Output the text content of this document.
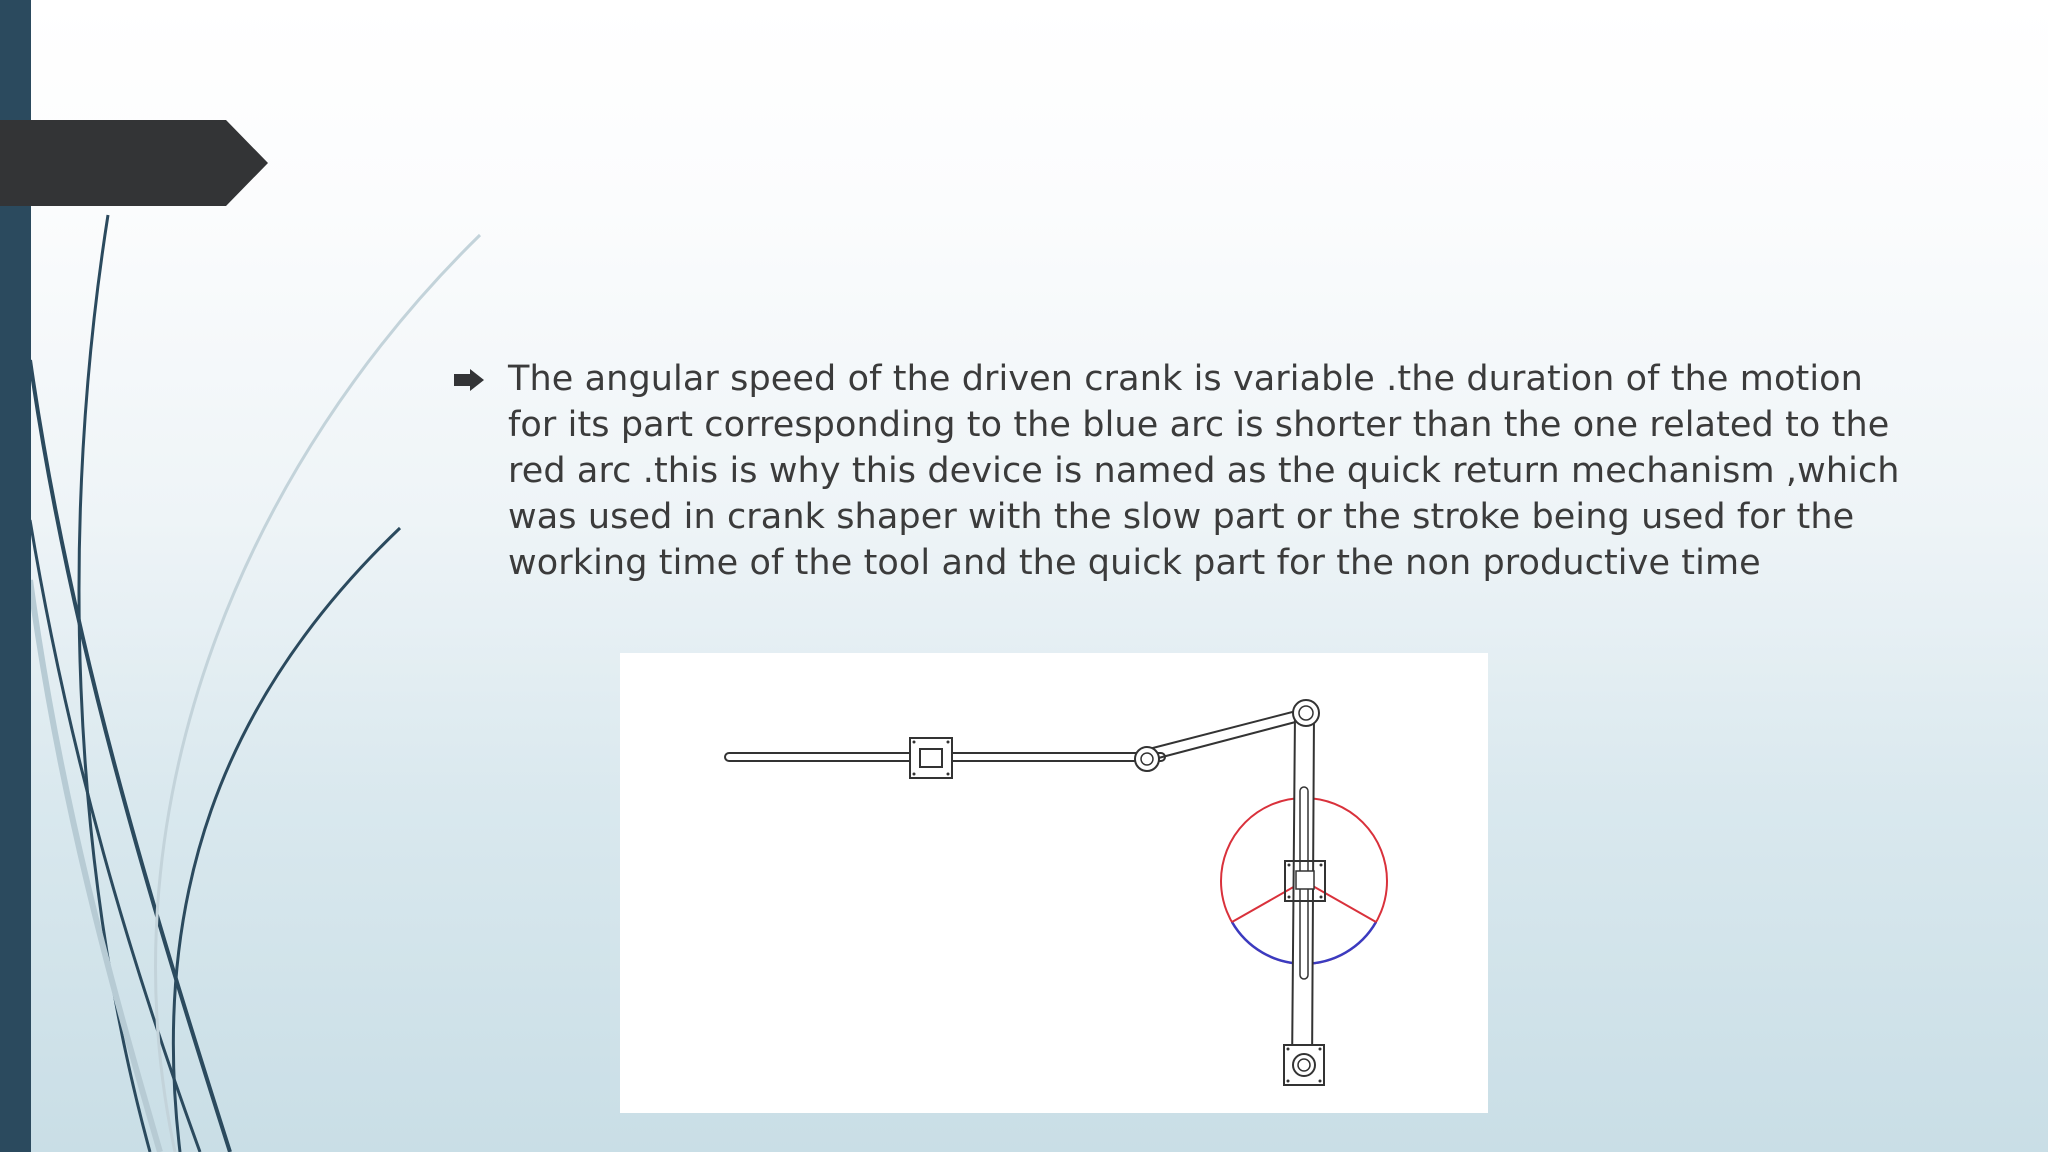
The angular speed of the driven crank is variable .the duration of the motion for its part corresponding to the blue arc is shorter than the one related to the red arc .this is why this device is named as the quick return mechanism ,which was used in crank shaper with the slow part or the stroke being used for the working time of the tool and the quick part for the non productive time
